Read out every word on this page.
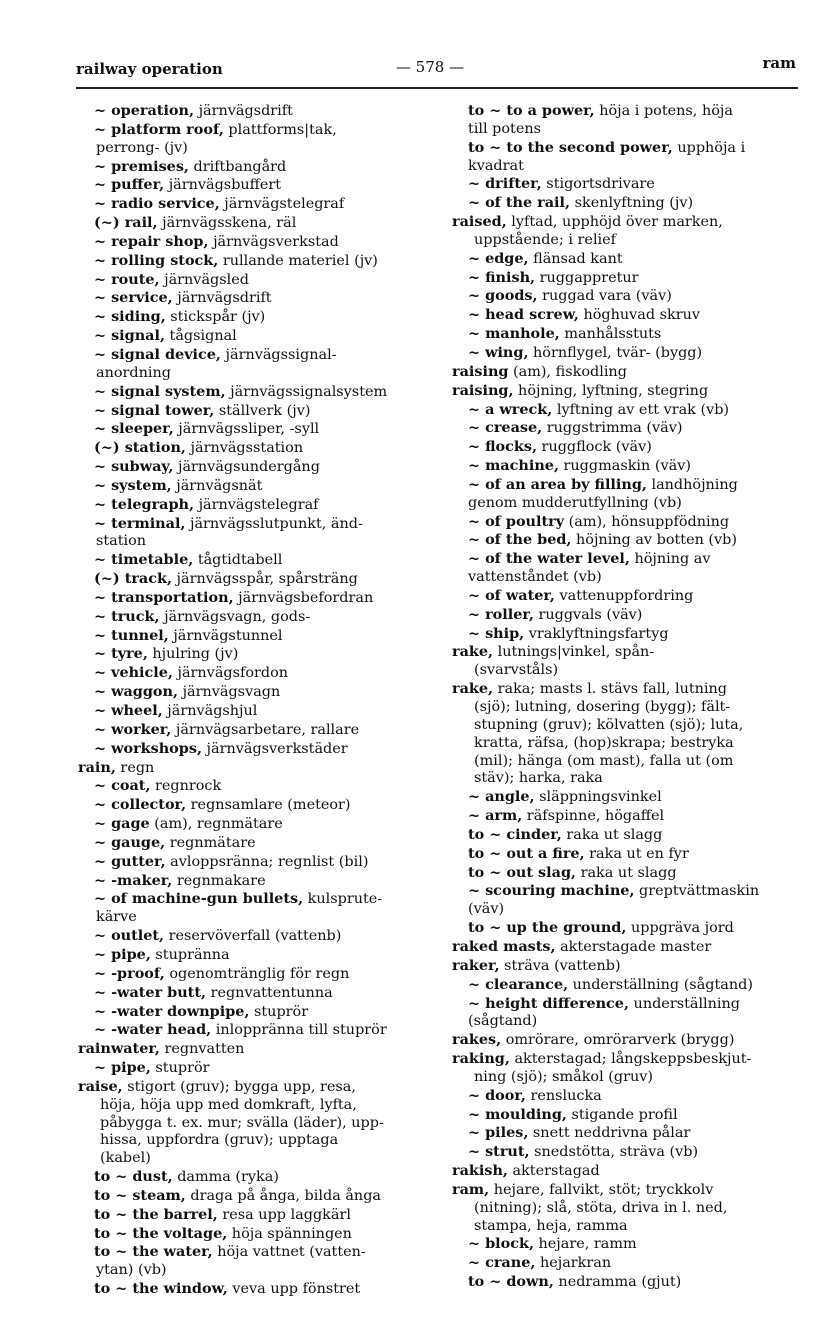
railway operation	— 578 —	ram
~ operation, järnvägsdrift
~ platform roof, plattforms|tak,
perrong- (jv)
~ premises, driftbangård
~ puffer, järnvägsbuffert
~ radio service, järnvägstelegraf
(~) rail, järnvägsskena, räl
~ repair shop, järnvägsverkstad
~ rolling stock, rullande materiel (jv)
~ route, järnvägsled
~ service, järnvägsdrift
~ siding, stickspår (jv)
~ signal, tågsignal
~ signal device, järnvägssignal-
anordning
~ signal system, järnvägssignalsystem
~ signal tower, ställverk (jv)
~ sleeper, järnvägssliper, -syll
(~) station, järnvägsstation
~ subway, järnvägsundergång
~ system, järnvägsnät
~ telegraph, järnvägstelegraf
~ terminal, järnvägsslutpunkt, änd-
station
~ timetable, tågtidtabell
(~) track, järnvägsspår, spårsträng
~ transportation, järnvägsbefordran
~ truck, järnvägsvagn, gods-
~ tunnel, järnvägstunnel
~ tyre, hjulring (jv)
~ vehicle, järnvägsfordon
~ waggon, järnvägsvagn
~ wheel, järnvägshjul
~ worker, järnvägsarbetare, rallare
~ workshops, järnvägsverkstäder
rain, regn
~ coat, regnrock
~ collector, regnsamlare (meteor)
~ gage (am), regnmätare
~ gauge, regnmätare
~ gutter, avloppsränna; regnlist (bil)
~ -maker, regnmakare
~ of machine-gun bullets, kulsprute-
kärve
~ outlet, reservöverfall (vattenb)
~ pipe, stupränna
~ -proof, ogenomtränglig för regn
~ -water butt, regnvattentunna
~ -water downpipe, stuprör
~ -water head, inloppränna till stuprör
rainwater, regnvatten
~ pipe, stuprör
raise, stigort (gruv); bygga upp, resa,
höja, höja upp med domkraft, lyfta,
påbygga t. ex. mur; svälla (läder), upp-
hissa, uppfordra (gruv); upptaga
(kabel)
to ~ dust, damma (ryka)
to ~ steam, draga på ånga, bilda ånga
to ~ the barrel, resa upp laggkärl
to ~ the voltage, höja spänningen
to ~ the water, höja vattnet (vatten-
ytan) (vb)
to ~ the window, veva upp fönstret
to ~ to a power, höja i potens, höja
till potens
to ~ to the second power, upphöja i
kvadrat
~ drifter, stigortsdrivare
~ of the rail, skenlyftning (jv)
raised, lyftad, upphöjd över marken,
uppstående; i relief
~ edge, flänsad kant
~ finish, ruggappretur
~ goods, ruggad vara (väv)
~ head screw, höghuvad skruv
~ manhole, manhålsstuts
~ wing, hörnflygel, tvär- (bygg)
raising (am), fiskodling
raising, höjning, lyftning, stegring
~ a wreck, lyftning av ett vrak (vb)
~ crease, ruggstrimma (väv)
~ flocks, ruggflock (väv)
~ machine, ruggmaskin (väv)
~ of an area by filling, landhöjning
genom mudderutfyllning (vb)
~ of poultry (am), hönsuppfödning
~ of the bed, höjning av botten (vb)
~ of the water level, höjning av
vattenståndet (vb)
~ of water, vattenuppfordring
~ roller, ruggvals (väv)
~ ship, vraklyftningsfartyg
rake, lutnings|vinkel, spån-
(svarvståls)
rake, raka; masts l. stävs fall, lutning
(sjö); lutning, dosering (bygg); fält-
stupning (gruv); kölvatten (sjö); luta,
kratta, räfsa, (hop)skrapa; bestryka
(mil); hänga (om mast), falla ut (om
stäv); harka, raka
~ angle, släppningsvinkel
~ arm, räfspinne, högaffel
to ~ cinder, raka ut slagg
to ~ out a fire, raka ut en fyr
to ~ out slag, raka ut slagg
~ scouring machine, greptvättmaskin
(väv)
to ~ up the ground, uppgräva jord
raked masts, akterstagade master
raker, sträva (vattenb)
~ clearance, underställning (sågtand)
~ height difference, underställning
(sågtand)
rakes, omrörare, omrörarverk (brygg)
raking, akterstagad; långskeppsbeskjut-
ning (sjö); småkol (gruv)
~ door, renslucka
~ moulding, stigande profil
~ piles, snett neddrivna pålar
~ strut, snedstötta, sträva (vb)
rakish, akterstagad
ram, hejare, fallvikt, stöt; tryckkolv
(nitning); slå, stöta, driva in l. ned,
stampa, heja, ramma
~ block, hejare, ramm
~ crane, hejarkran
to ~ down, nedramma (gjut)
